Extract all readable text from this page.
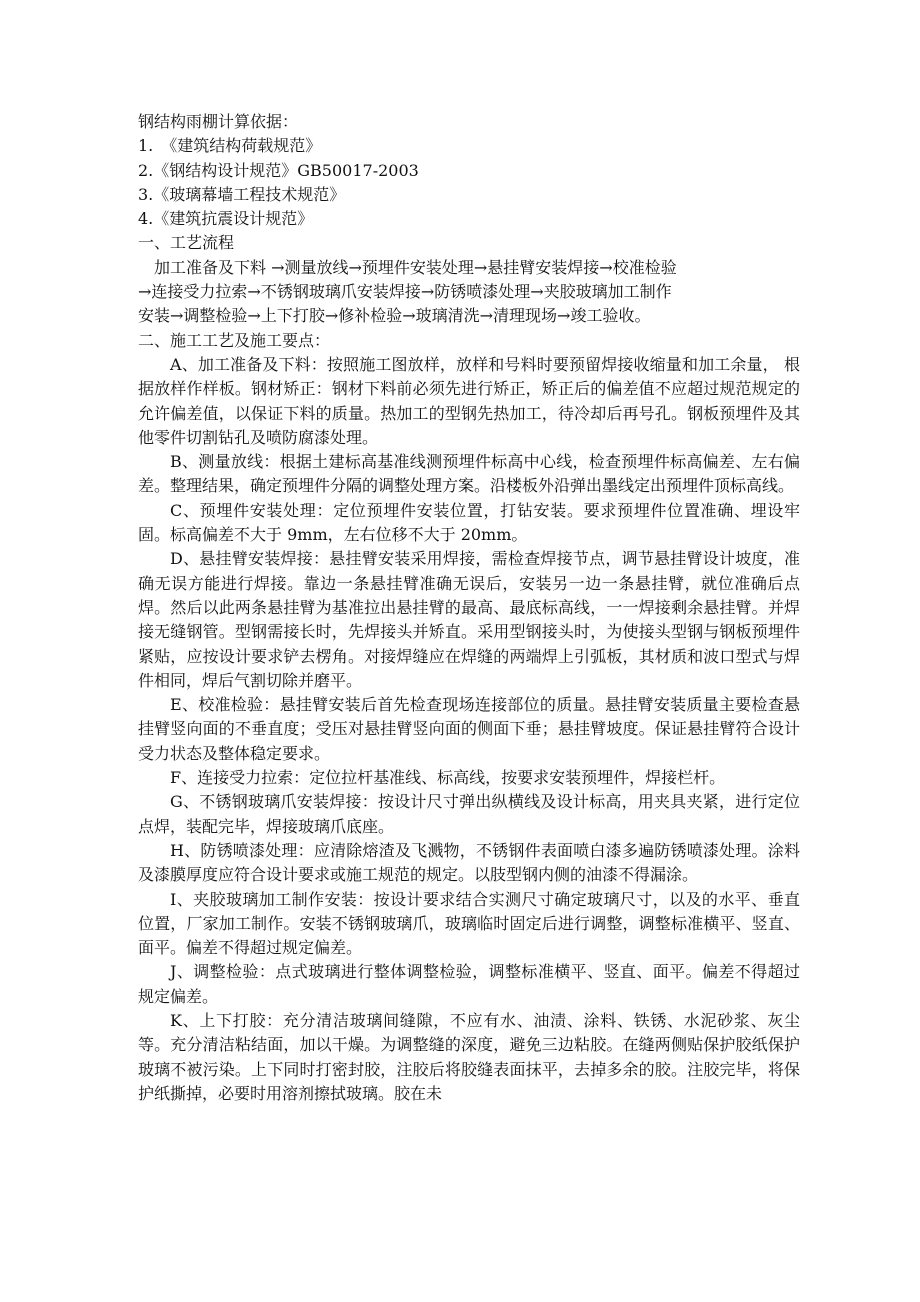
钢结构雨棚计算依据：
1.　《建筑结构荷载规范》
2.《钢结构设计规范》GB50017-2003
3.《玻璃幕墙工程技术规范》
4.《建筑抗震设计规范》
一、工艺流程
　加工准备及下料 →测量放线→预埋件安装处理→悬挂臂安装焊接→校准检验
→连接受力拉索→不锈钢玻璃爪安装焊接→防锈喷漆处理→夹胶玻璃加工制作
安装→调整检验→上下打胶→修补检验→玻璃清洗→清理现场→竣工验收。
二、施工工艺及施工要点：

A、加工准备及下料：按照施工图放样，放样和号料时要预留焊接收缩量和加工余量， 根据放样作样板。钢材矫正：钢材下料前必须先进行矫正，矫正后的偏差值不应超过规范规定的允许偏差值，以保证下料的质量。热加工的型钢先热加工，待冷却后再号孔。钢板预埋件及其他零件切割钻孔及喷防腐漆处理。

B、测量放线：根据土建标高基准线测预埋件标高中心线，检查预埋件标高偏差、左右偏差。整理结果，确定预埋件分隔的调整处理方案。沿楼板外沿弹出墨线定出预埋件顶标高线。

C、预埋件安装处理：定位预埋件安装位置，打钻安装。要求预埋件位置准确、埋设牢固。标高偏差不大于 9mm，左右位移不大于 20mm。

D、悬挂臂安装焊接：悬挂臂安装采用焊接，需检查焊接节点，调节悬挂臂设计坡度，准确无误方能进行焊接。靠边一条悬挂臂准确无误后，安装另一边一条悬挂臂，就位准确后点焊。然后以此两条悬挂臂为基准拉出悬挂臂的最高、最底标高线，一一焊接剩余悬挂臂。并焊接无缝钢管。型钢需接长时，先焊接头并矫直。采用型钢接头时，为使接头型钢与钢板预埋件紧贴，应按设计要求铲去楞角。对接焊缝应在焊缝的两端焊上引弧板，其材质和波口型式与焊件相同，焊后气割切除并磨平。

E、校准检验：悬挂臂安装后首先检查现场连接部位的质量。悬挂臂安装质量主要检查悬挂臂竖向面的不垂直度；受压对悬挂臂竖向面的侧面下垂；悬挂臂坡度。保证悬挂臂符合设计受力状态及整体稳定要求。

F、连接受力拉索：定位拉杆基准线、标高线，按要求安装预埋件，焊接栏杆。

G、不锈钢玻璃爪安装焊接：按设计尺寸弹出纵横线及设计标高，用夹具夹紧，进行定位点焊，装配完毕，焊接玻璃爪底座。

H、防锈喷漆处理：应清除熔渣及飞溅物，不锈钢件表面喷白漆多遍防锈喷漆处理。涂料及漆膜厚度应符合设计要求或施工规范的规定。以肢型钢内侧的油漆不得漏涂。

I、夹胶玻璃加工制作安装：按设计要求结合实测尺寸确定玻璃尺寸，以及的水平、垂直位置，厂家加工制作。安装不锈钢玻璃爪，玻璃临时固定后进行调整，调整标准横平、竖直、面平。偏差不得超过规定偏差。

J、调整检验：点式玻璃进行整体调整检验，调整标准横平、竖直、面平。偏差不得超过规定偏差。

K、上下打胶：充分清洁玻璃间缝隙，不应有水、油渍、涂料、铁锈、水泥砂浆、灰尘等。充分清洁粘结面，加以干燥。为调整缝的深度，避免三边粘胶。在缝两侧贴保护胶纸保护玻璃不被污染。上下同时打密封胶，注胶后将胶缝表面抹平，去掉多余的胶。注胶完毕，将保护纸撕掉，必要时用溶剂擦拭玻璃。胶在未
